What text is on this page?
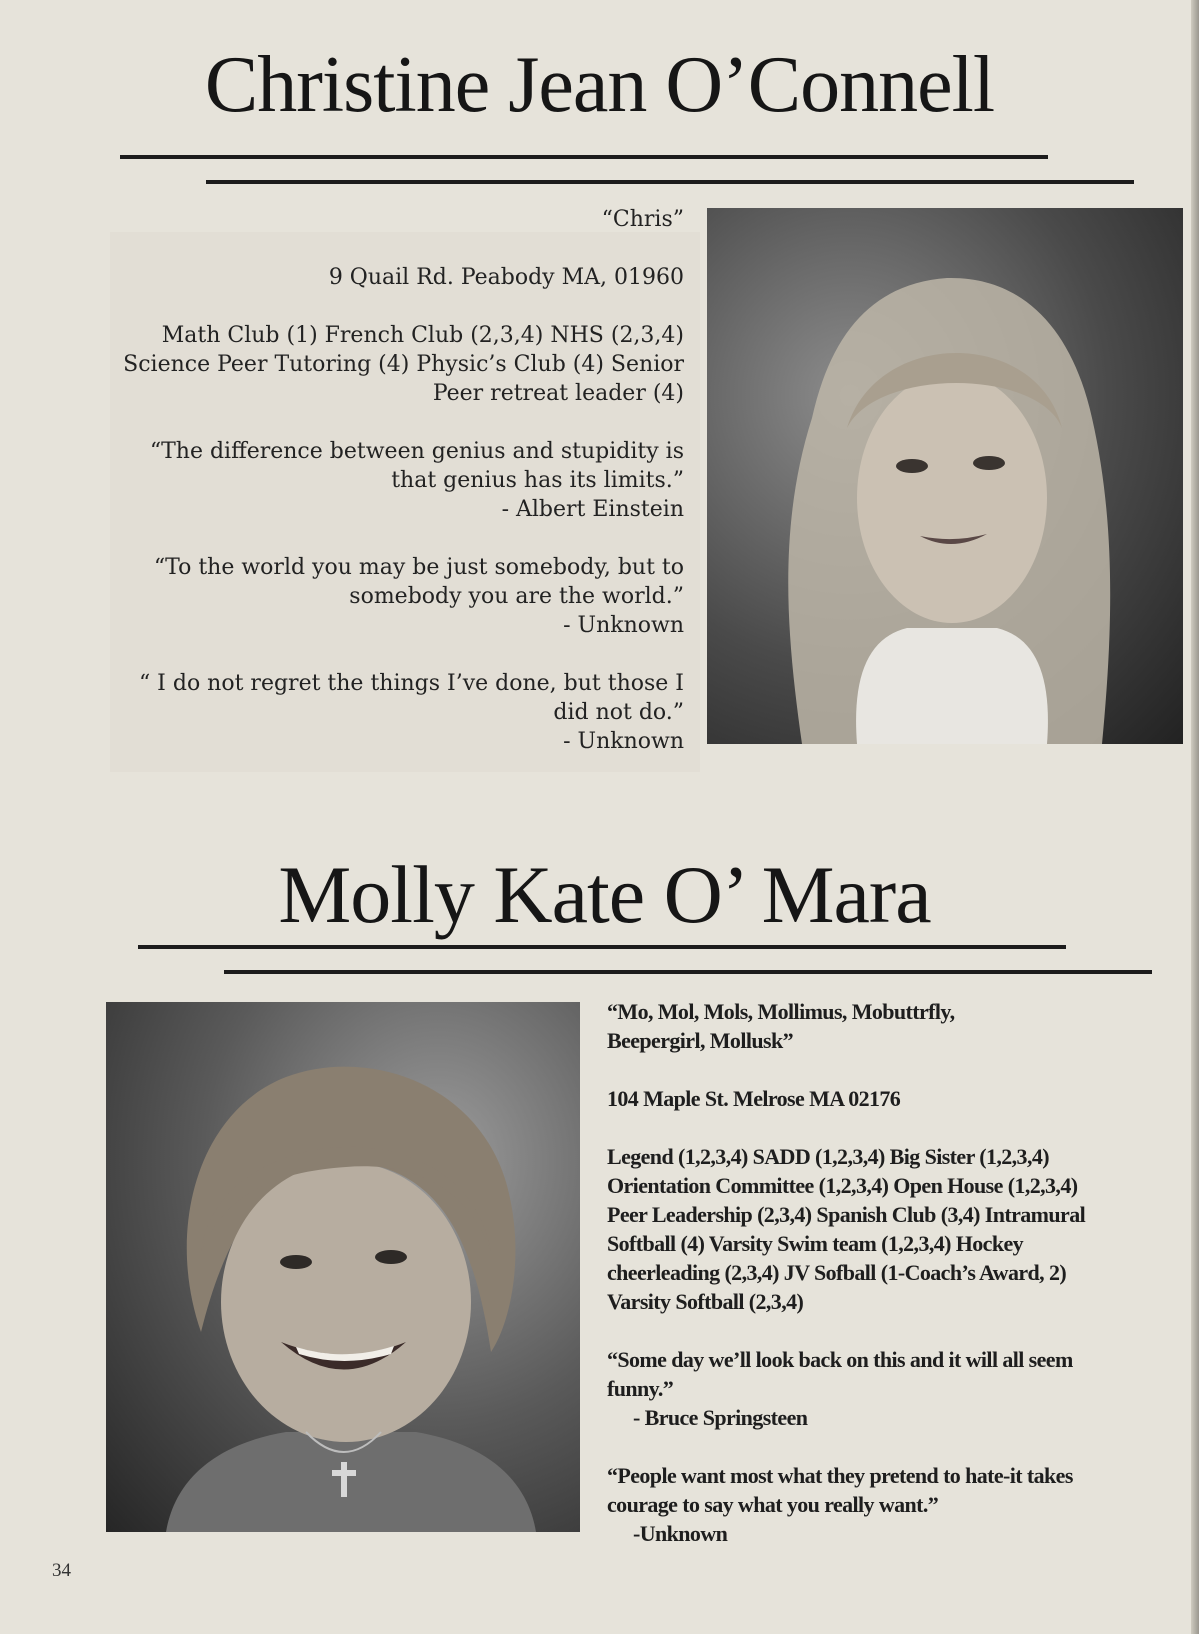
Christine Jean O’Connell

“Chris”

9 Quail Rd. Peabody MA, 01960

Math Club (1) French Club (2,3,4) NHS (2,3,4)
Science Peer Tutoring (4) Physic’s Club (4) Senior
Peer retreat leader (4)

“The difference between genius and stupidity is
that genius has its limits.”
- Albert Einstein

“To the world you may be just somebody, but to
somebody you are the world.”
- Unknown

“ I do not regret the things I’ve done, but those I
did not do.”
- Unknown

Molly Kate O’ Mara

“Mo, Mol, Mols, Mollimus, Mobuttrfly,
Beepergirl, Mollusk”

104 Maple St. Melrose MA 02176

Legend (1,2,3,4) SADD (1,2,3,4) Big Sister (1,2,3,4)
Orientation Committee (1,2,3,4) Open House (1,2,3,4)
Peer Leadership (2,3,4) Spanish Club (3,4) Intramural
Softball (4) Varsity Swim team (1,2,3,4) Hockey
cheerleading (2,3,4) JV Sofball (1-Coach’s Award, 2)
Varsity Softball (2,3,4)

“Some day we’ll look back on this and it will all seem
funny.”
- Bruce Springsteen

“People want most what they pretend to hate-it takes
courage to say what you really want.”
-Unknown

34
